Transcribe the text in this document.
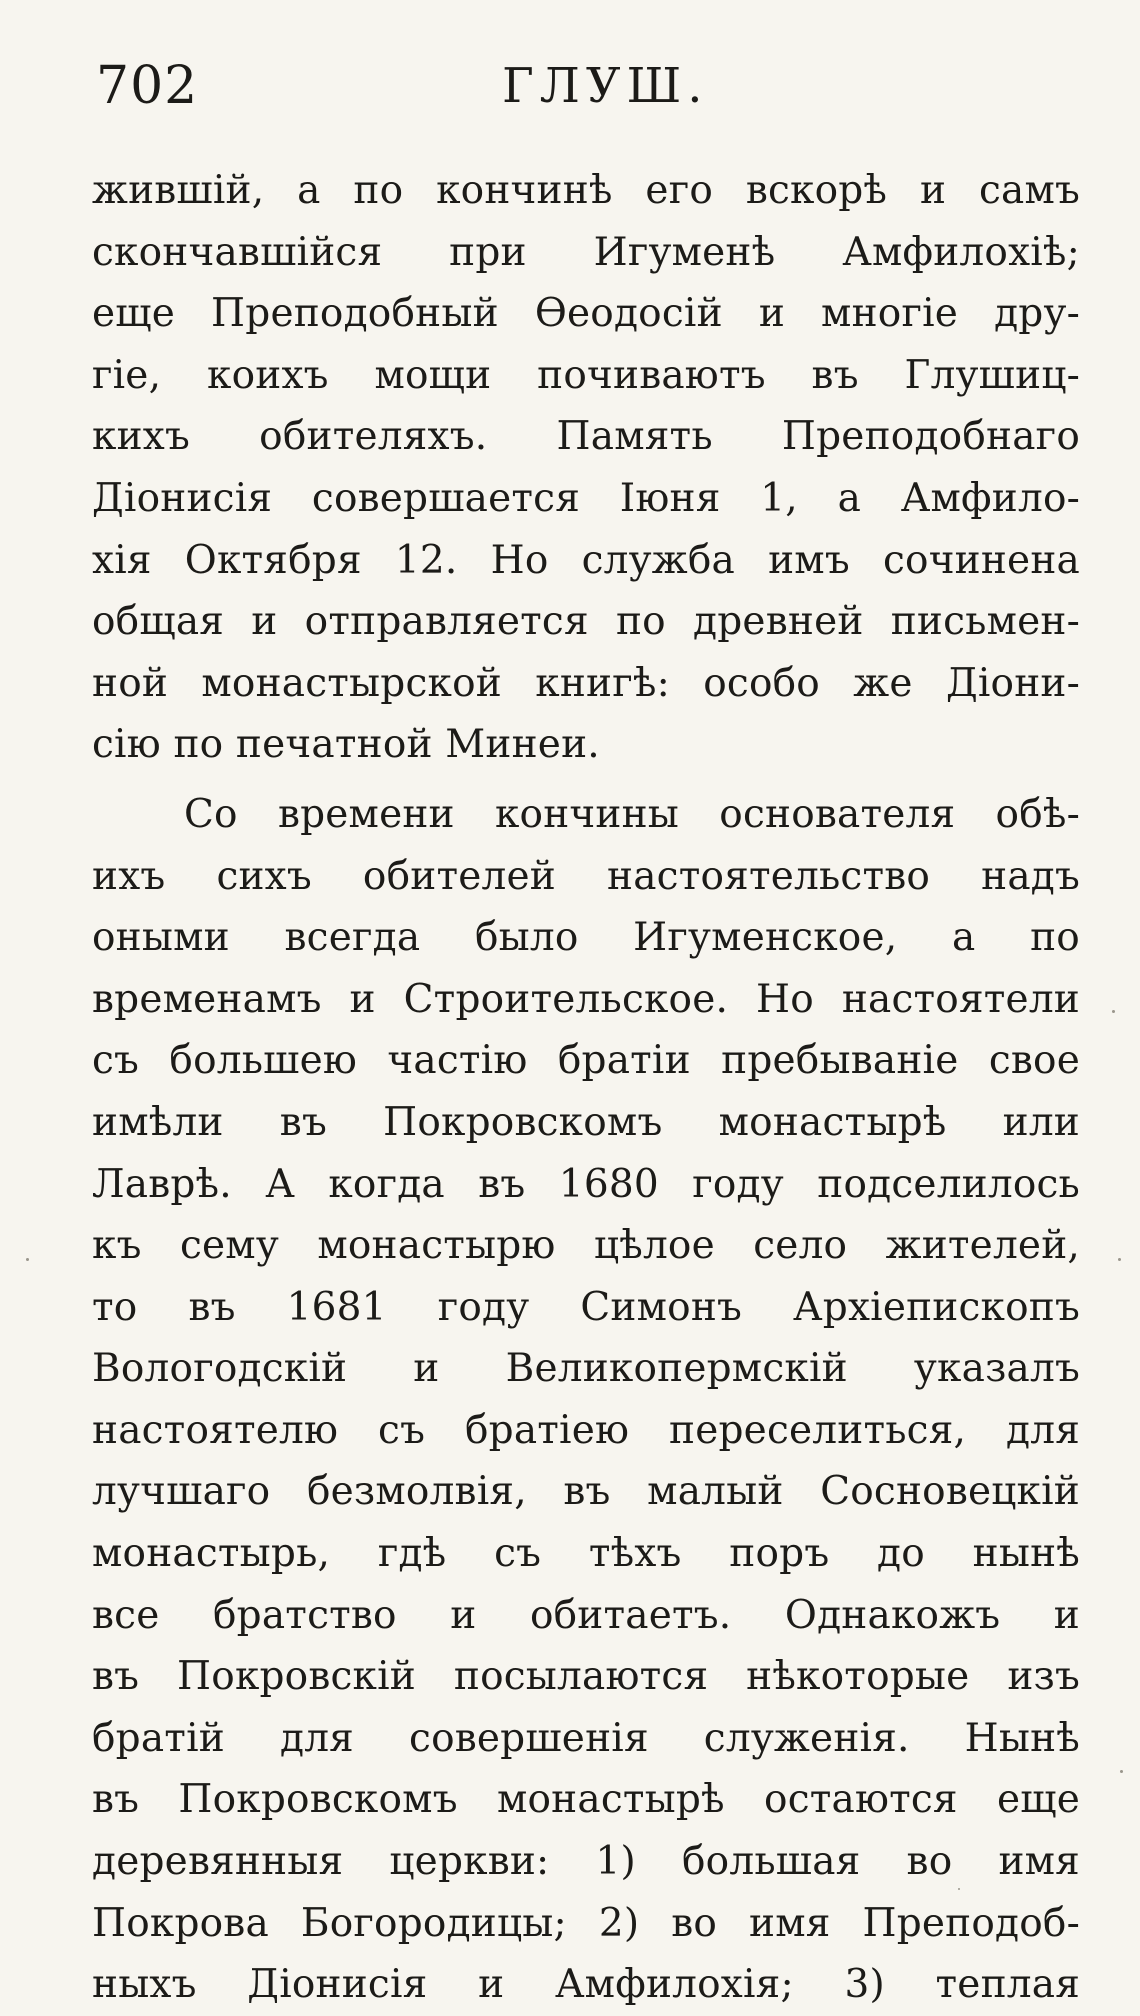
702	ГЛУШ.
жившій, а по кончинѣ его вскорѣ и самъ
скончавшійся при Игуменѣ Амфилохіѣ;
еще Преподобный Ѳеодосій и многіе дру-
гіе, коихъ мощи почиваютъ въ Глушиц-
кихъ обителяхъ. Память Преподобнаго
Діонисія совершается Іюня 1, а Амфило-
хія Октября 12. Но служба имъ сочинена
общая и отправляется по древней письмен-
ной монастырской книгѣ: особо же Діони-
сію по печатной Минеи.
Со времени кончины основателя обѣ-
ихъ сихъ обителей настоятельство надъ
оными всегда было Игуменское, а по
временамъ и Строительское. Но настоятели
съ большею частію братіи пребываніе свое
имѣли въ Покровскомъ монастырѣ или
Лаврѣ. А когда въ 1680 году подселилось
къ сему монастырю цѣлое село жителей,
то въ 1681 году Симонъ Архіепископъ
Вологодскій и Великопермскій указалъ
настоятелю съ братіею переселиться, для
лучшаго безмолвія, въ малый Сосновецкій
монастырь, гдѣ съ тѣхъ поръ до нынѣ
все братство и обитаетъ. Однакожъ и
въ Покровскій посылаются нѣкоторые изъ
братій для совершенія служенія. Нынѣ
въ Покровскомъ монастырѣ остаются еще
деревянныя церкви: 1) большая во имя
Покрова Богородицы; 2) во имя Преподоб-
ныхъ Діонисія и Амфилохія; 3) теплая
